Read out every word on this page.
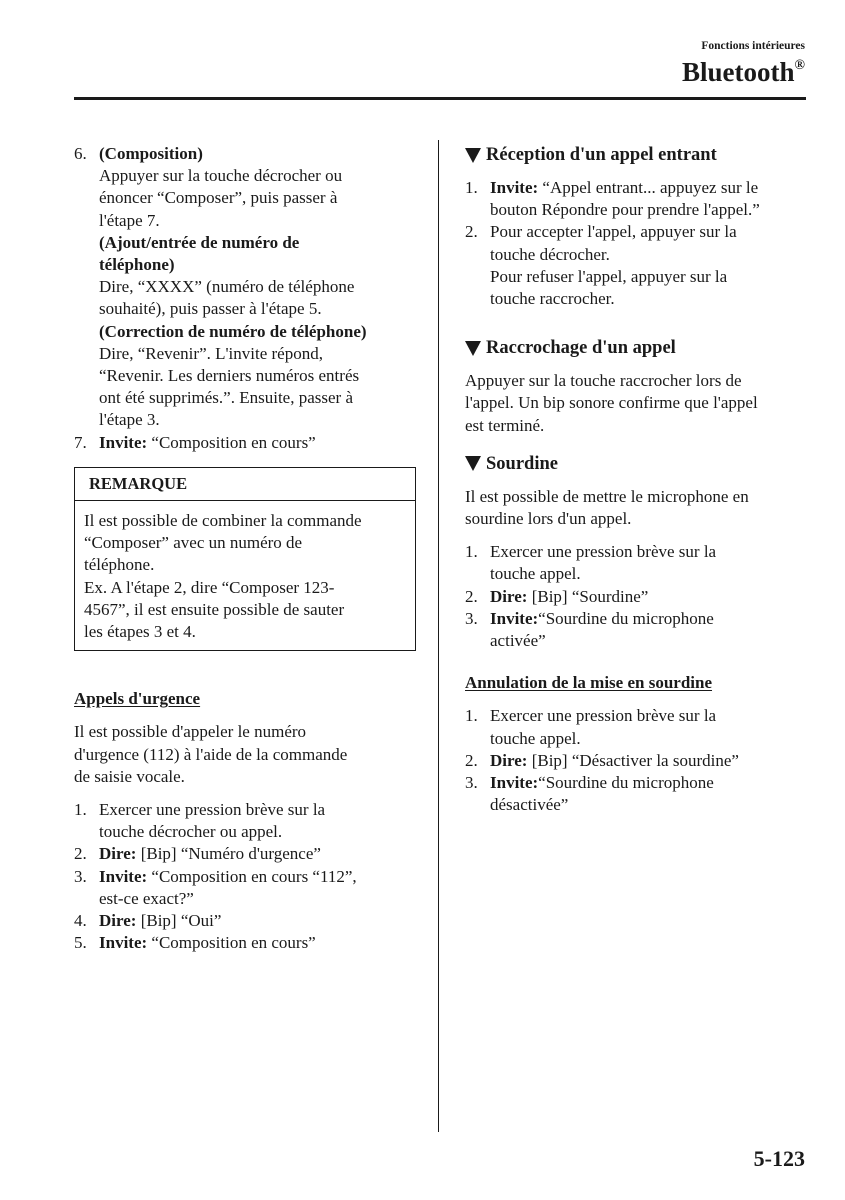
Fonctions intérieures
Bluetooth®
6. (Composition)
Appuyer sur la touche décrocher ou
énoncer “Composer”, puis passer à
l'étape 7.
(Ajout/entrée de numéro de
téléphone)
Dire, “XXXX” (numéro de téléphone
souhaité), puis passer à l'étape 5.
(Correction de numéro de téléphone)
Dire, “Revenir”. L'invite répond,
“Revenir. Les derniers numéros entrés
ont été supprimés.”. Ensuite, passer à
l'étape 3.
7. Invite: “Composition en cours”
REMARQUE
Il est possible de combiner la commande
“Composer” avec un numéro de
téléphone.
Ex. A l'étape 2, dire “Composer 123-
4567”, il est ensuite possible de sauter
les étapes 3 et 4.
Appels d'urgence
Il est possible d'appeler le numéro
d'urgence (112) à l'aide de la commande
de saisie vocale.
1. Exercer une pression brève sur la
touche décrocher ou appel.
2. Dire: [Bip] “Numéro d'urgence”
3. Invite: “Composition en cours “112”,
est-ce exact?”
4. Dire: [Bip] “Oui”
5. Invite: “Composition en cours”
Réception d'un appel entrant
1. Invite: “Appel entrant... appuyez sur le
bouton Répondre pour prendre l'appel.”
2. Pour accepter l'appel, appuyer sur la
touche décrocher.
Pour refuser l'appel, appuyer sur la
touche raccrocher.
Raccrochage d'un appel
Appuyer sur la touche raccrocher lors de
l'appel. Un bip sonore confirme que l'appel
est terminé.
Sourdine
Il est possible de mettre le microphone en
sourdine lors d'un appel.
1. Exercer une pression brève sur la
touche appel.
2. Dire: [Bip] “Sourdine”
3. Invite:“Sourdine du microphone
activée”
Annulation de la mise en sourdine
1. Exercer une pression brève sur la
touche appel.
2. Dire: [Bip] “Désactiver la sourdine”
3. Invite:“Sourdine du microphone
désactivée”
5-123
